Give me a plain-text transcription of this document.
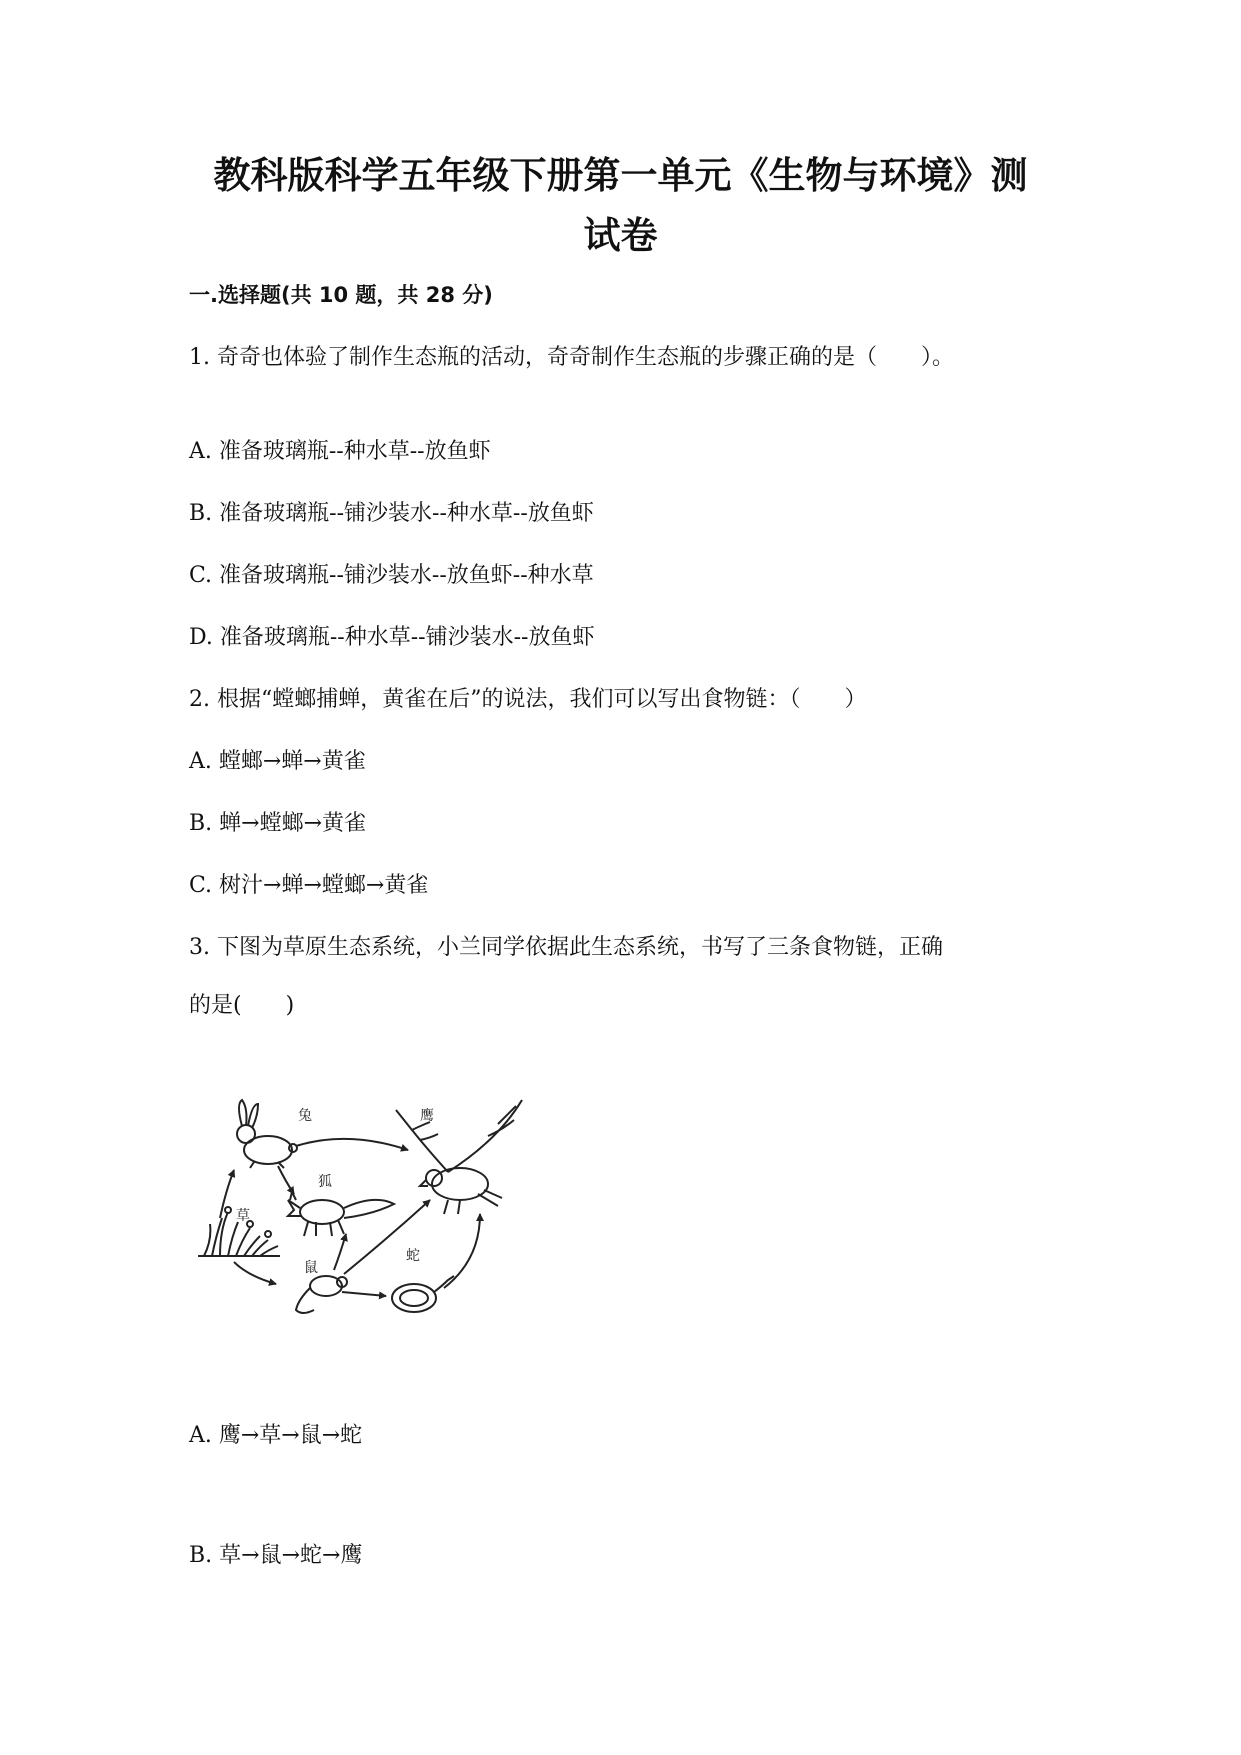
教科版科学五年级下册第一单元《生物与环境》测
试卷
一.选择题(共 10 题，共 28 分)
1. 奇奇也体验了制作生态瓶的活动，奇奇制作生态瓶的步骤正确的是（　　）。
A. 准备玻璃瓶--种水草--放鱼虾
B. 准备玻璃瓶--铺沙装水--种水草--放鱼虾
C. 准备玻璃瓶--铺沙装水--放鱼虾--种水草
D. 准备玻璃瓶--种水草--铺沙装水--放鱼虾
2. 根据“螳螂捕蝉，黄雀在后”的说法，我们可以写出食物链：（　　）
A. 螳螂→蝉→黄雀
B. 蝉→螳螂→黄雀
C. 树汁→蝉→螳螂→黄雀
3. 下图为草原生态系统，小兰同学依据此生态系统，书写了三条食物链，正确
的是(　　)
兔	鹰
狐
草
鼠
蛇
A. 鹰→草→鼠→蛇
B. 草→鼠→蛇→鹰
